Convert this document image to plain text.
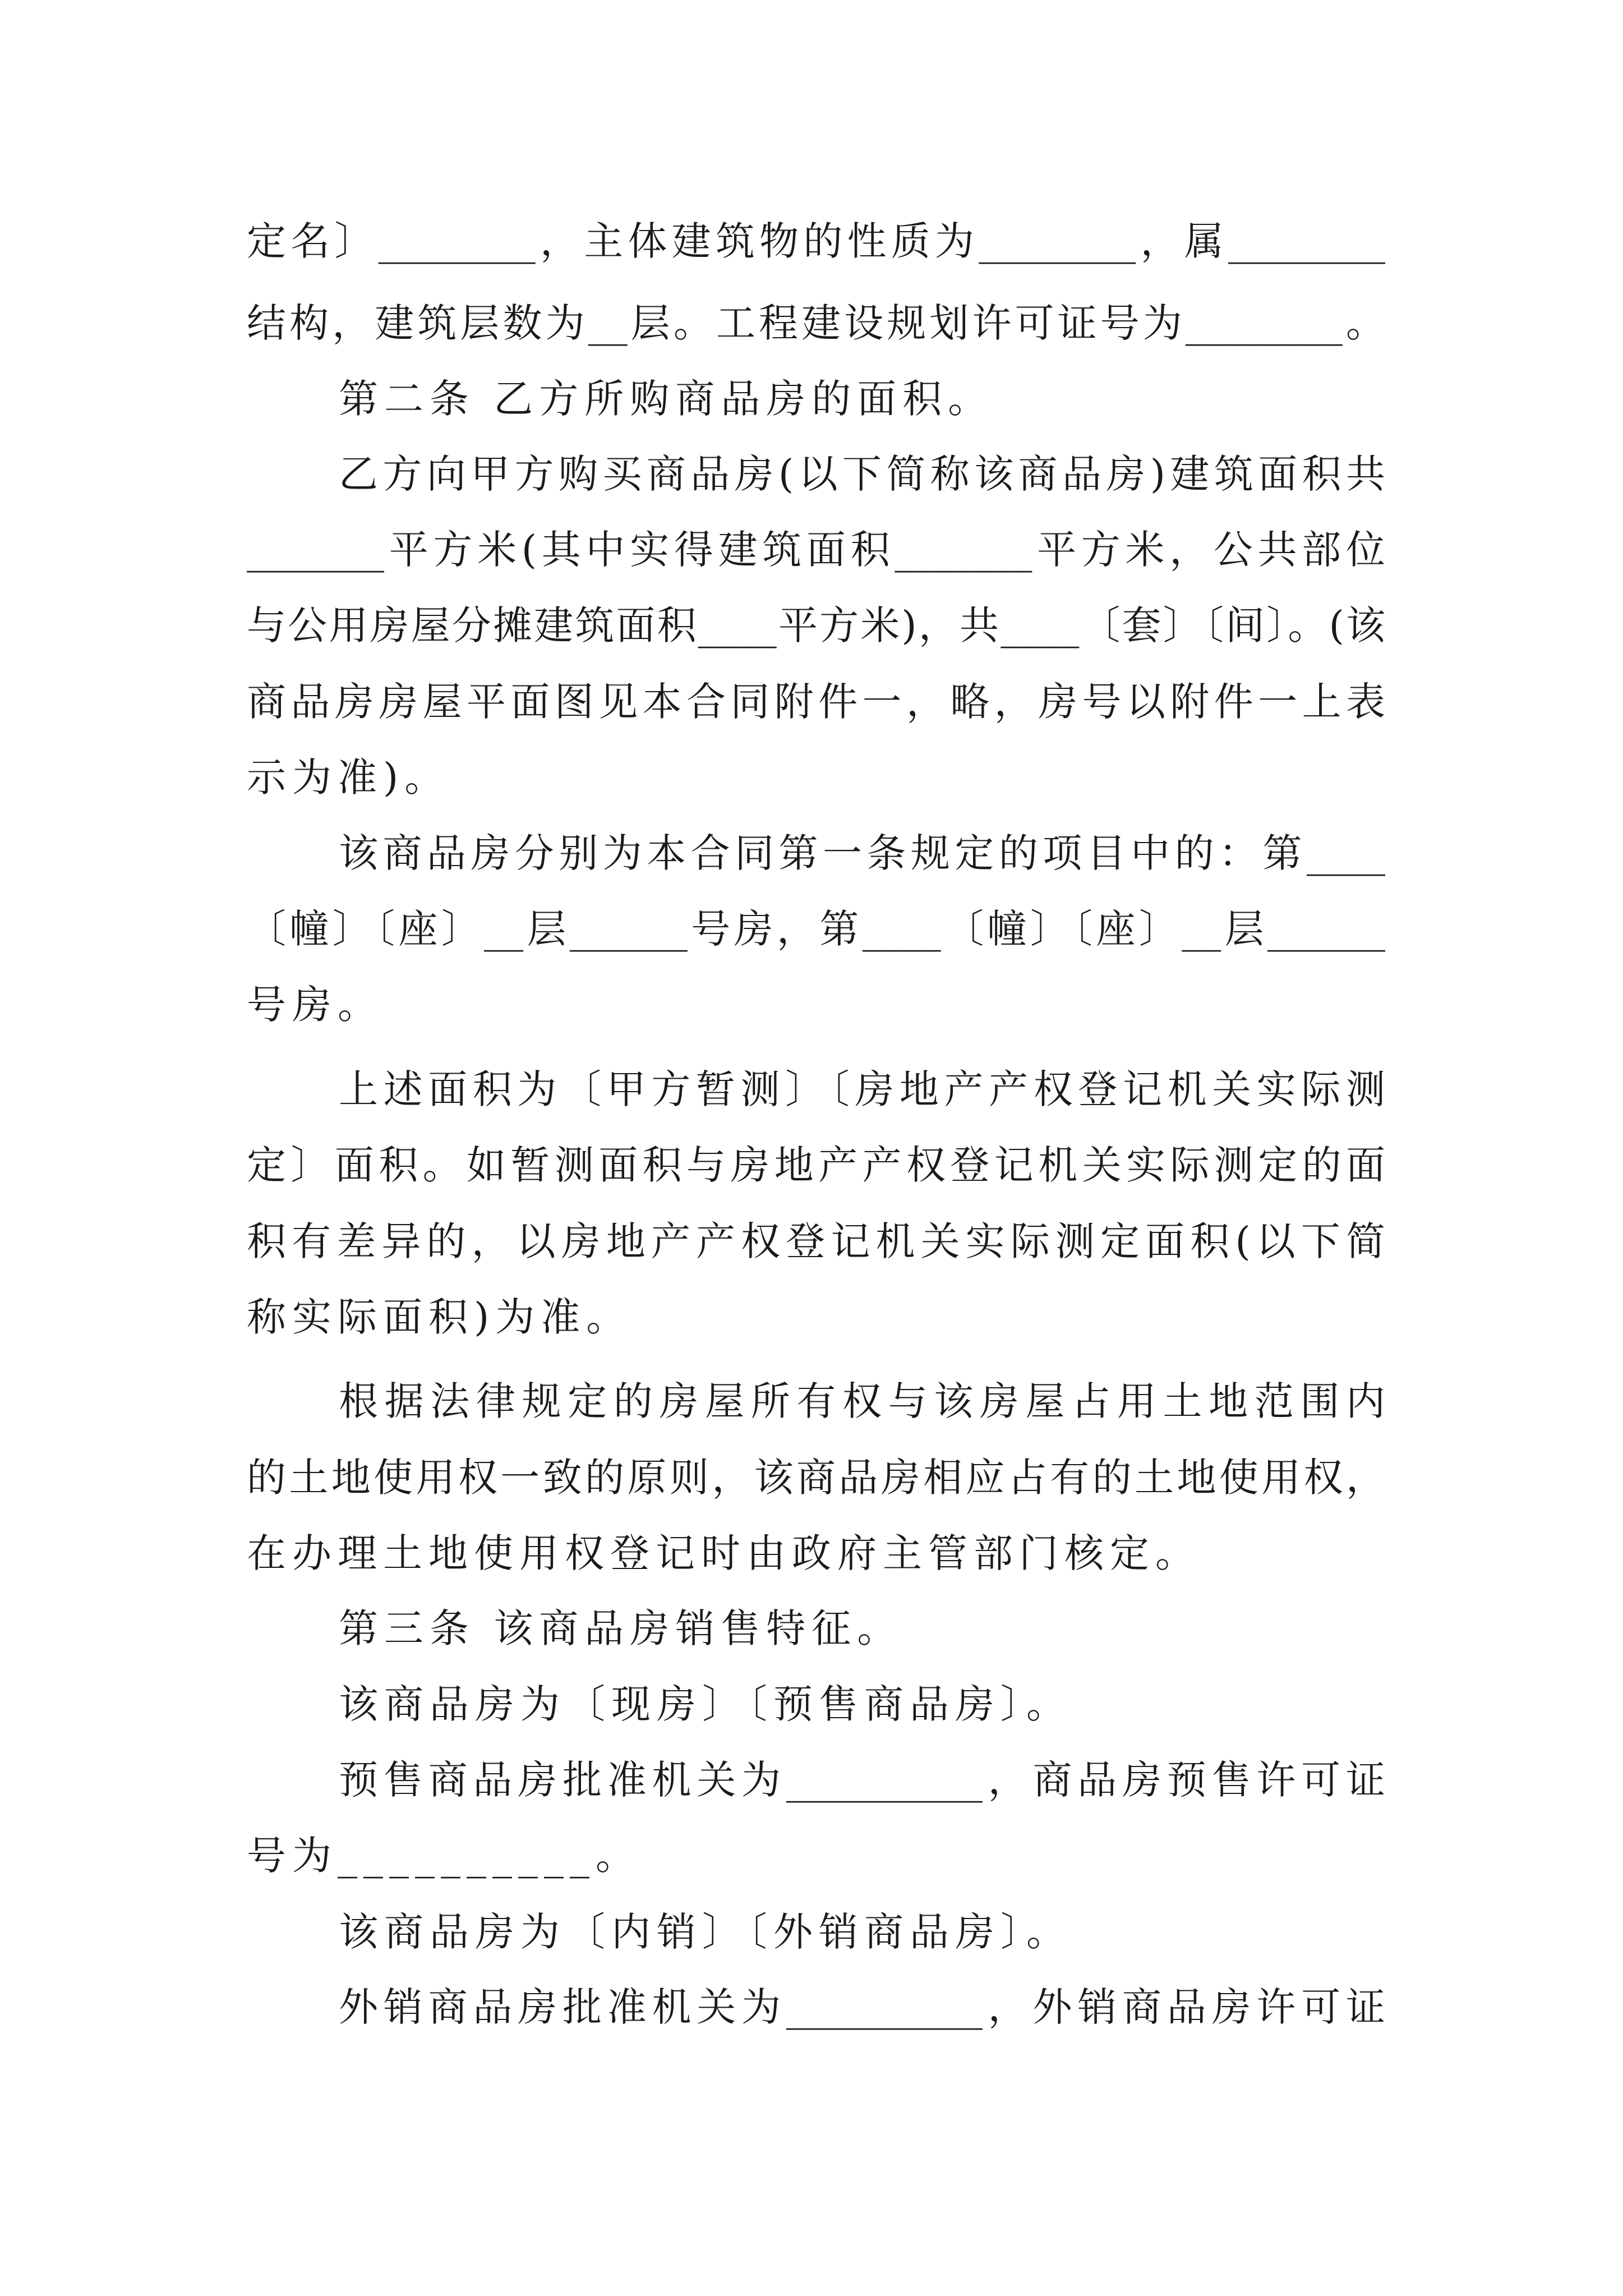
定名〕________，主体建筑物的性质为________，属________
结构，建筑层数为__层。工程建设规划许可证号为________。
第二条 乙方所购商品房的面积。
乙方向甲方购买商品房(以下简称该商品房)建筑面积共
_______平方米(其中实得建筑面积_______平方米，公共部位
与公用房屋分摊建筑面积____平方米)，共____〔套〕〔间〕。(该
商品房房屋平面图见本合同附件一，略，房号以附件一上表
示为准)。
该商品房分别为本合同第一条规定的项目中的：第____
〔幢〕〔座〕__层______号房，第____〔幢〕〔座〕__层______
号房。
上述面积为〔甲方暂测〕〔房地产产权登记机关实际测
定〕面积。如暂测面积与房地产产权登记机关实际测定的面
积有差异的，以房地产产权登记机关实际测定面积(以下简
称实际面积)为准。
根据法律规定的房屋所有权与该房屋占用土地范围内
的土地使用权一致的原则，该商品房相应占有的土地使用权，
在办理土地使用权登记时由政府主管部门核定。
第三条 该商品房销售特征。
该商品房为〔现房〕〔预售商品房〕。
预售商品房批准机关为__________，商品房预售许可证
号为__________。
该商品房为〔内销〕〔外销商品房〕。
外销商品房批准机关为__________，外销商品房许可证
